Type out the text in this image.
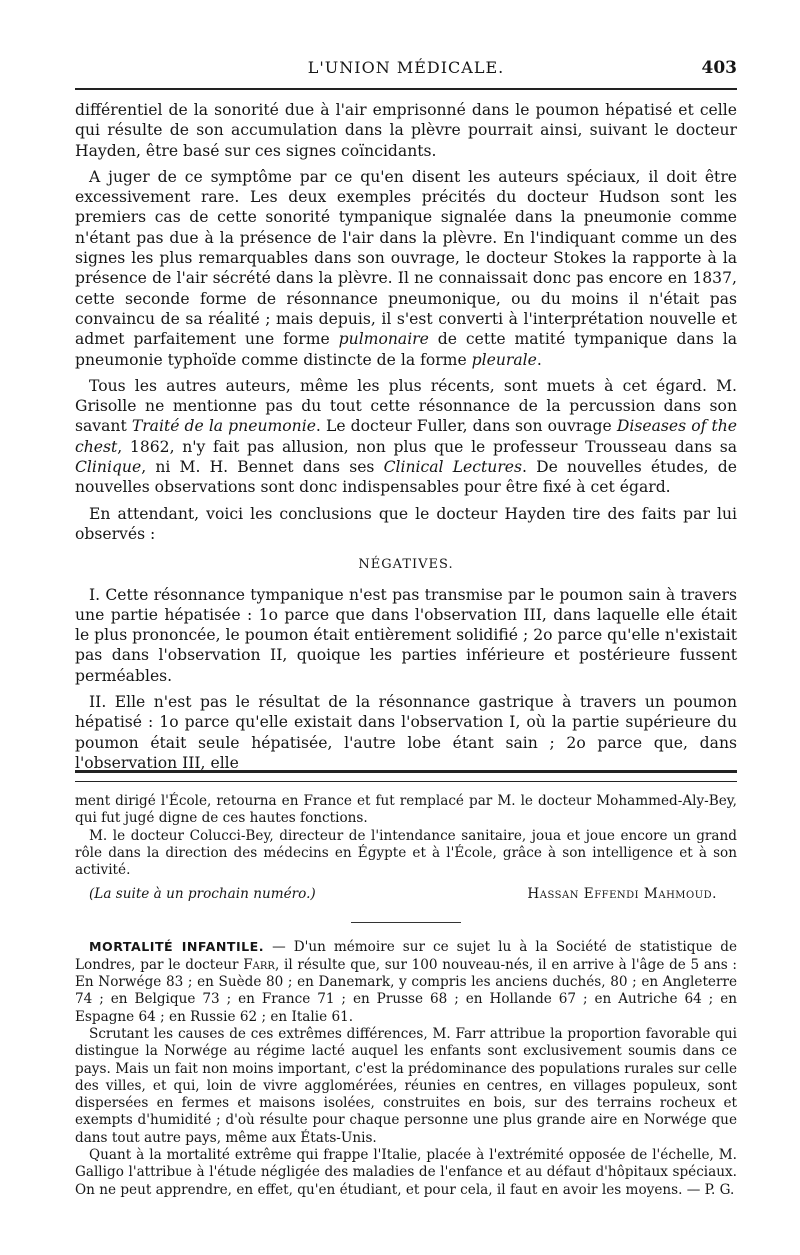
L'UNION MÉDICALE.	403

différentiel de la sonorité due à l'air emprisonné dans le poumon hépatisé et celle qui résulte de son accumulation dans la plèvre pourrait ainsi, suivant le docteur Hayden, être basé sur ces signes coïncidants.

A juger de ce symptôme par ce qu'en disent les auteurs spéciaux, il doit être excessivement rare. Les deux exemples précités du docteur Hudson sont les premiers cas de cette sonorité tympanique signalée dans la pneumonie comme n'étant pas due à la présence de l'air dans la plèvre. En l'indiquant comme un des signes les plus remarquables dans son ouvrage, le docteur Stokes la rapporte à la présence de l'air sécrété dans la plèvre. Il ne connaissait donc pas encore en 1837, cette seconde forme de résonnance pneumonique, ou du moins il n'était pas convaincu de sa réalité ; mais depuis, il s'est converti à l'interprétation nouvelle et admet parfaitement une forme pulmonaire de cette matité tympanique dans la pneumonie typhoïde comme distincte de la forme pleurale.

Tous les autres auteurs, même les plus récents, sont muets à cet égard. M. Grisolle ne mentionne pas du tout cette résonnance de la percussion dans son savant Traité de la pneumonie. Le docteur Fuller, dans son ouvrage Diseases of the chest, 1862, n'y fait pas allusion, non plus que le professeur Trousseau dans sa Clinique, ni M. H. Bennet dans ses Clinical Lectures. De nouvelles études, de nouvelles observations sont donc indispensables pour être fixé à cet égard.

En attendant, voici les conclusions que le docteur Hayden tire des faits par lui observés :

NÉGATIVES.

I. Cette résonnance tympanique n'est pas transmise par le poumon sain à travers une partie hépatisée : 1o parce que dans l'observation III, dans laquelle elle était le plus prononcée, le poumon était entièrement solidifié ; 2o parce qu'elle n'existait pas dans l'observation II, quoique les parties inférieure et postérieure fussent perméables.

II. Elle n'est pas le résultat de la résonnance gastrique à travers un poumon hépatisé : 1o parce qu'elle existait dans l'observation I, où la partie supérieure du poumon était seule hépatisée, l'autre lobe étant sain ; 2o parce que, dans l'observation III, elle

ment dirigé l'École, retourna en France et fut remplacé par M. le docteur Mohammed-Aly-Bey, qui fut jugé digne de ces hautes fonctions.

M. le docteur Colucci-Bey, directeur de l'intendance sanitaire, joua et joue encore un grand rôle dans la direction des médecins en Égypte et à l'École, grâce à son intelligence et à son activité.

(La suite à un prochain numéro.)	Hassan Effendi Mahmoud.

MORTALITÉ INFANTILE. — D'un mémoire sur ce sujet lu à la Société de statistique de Londres, par le docteur Farr, il résulte que, sur 100 nouveau-nés, il en arrive à l'âge de 5 ans : En Norwége 83 ; en Suède 80 ; en Danemark, y compris les anciens duchés, 80 ; en Angleterre 74 ; en Belgique 73 ; en France 71 ; en Prusse 68 ; en Hollande 67 ; en Autriche 64 ; en Espagne 64 ; en Russie 62 ; en Italie 61.

Scrutant les causes de ces extrêmes différences, M. Farr attribue la proportion favorable qui distingue la Norwége au régime lacté auquel les enfants sont exclusivement soumis dans ce pays. Mais un fait non moins important, c'est la prédominance des populations rurales sur celle des villes, et qui, loin de vivre agglomérées, réunies en centres, en villages populeux, sont dispersées en fermes et maisons isolées, construites en bois, sur des terrains rocheux et exempts d'humidité ; d'où résulte pour chaque personne une plus grande aire en Norwége que dans tout autre pays, même aux États-Unis.

Quant à la mortalité extrême qui frappe l'Italie, placée à l'extrémité opposée de l'échelle, M. Galligo l'attribue à l'étude négligée des maladies de l'enfance et au défaut d'hôpitaux spéciaux. On ne peut apprendre, en effet, qu'en étudiant, et pour cela, il faut en avoir les moyens. — P. G.
